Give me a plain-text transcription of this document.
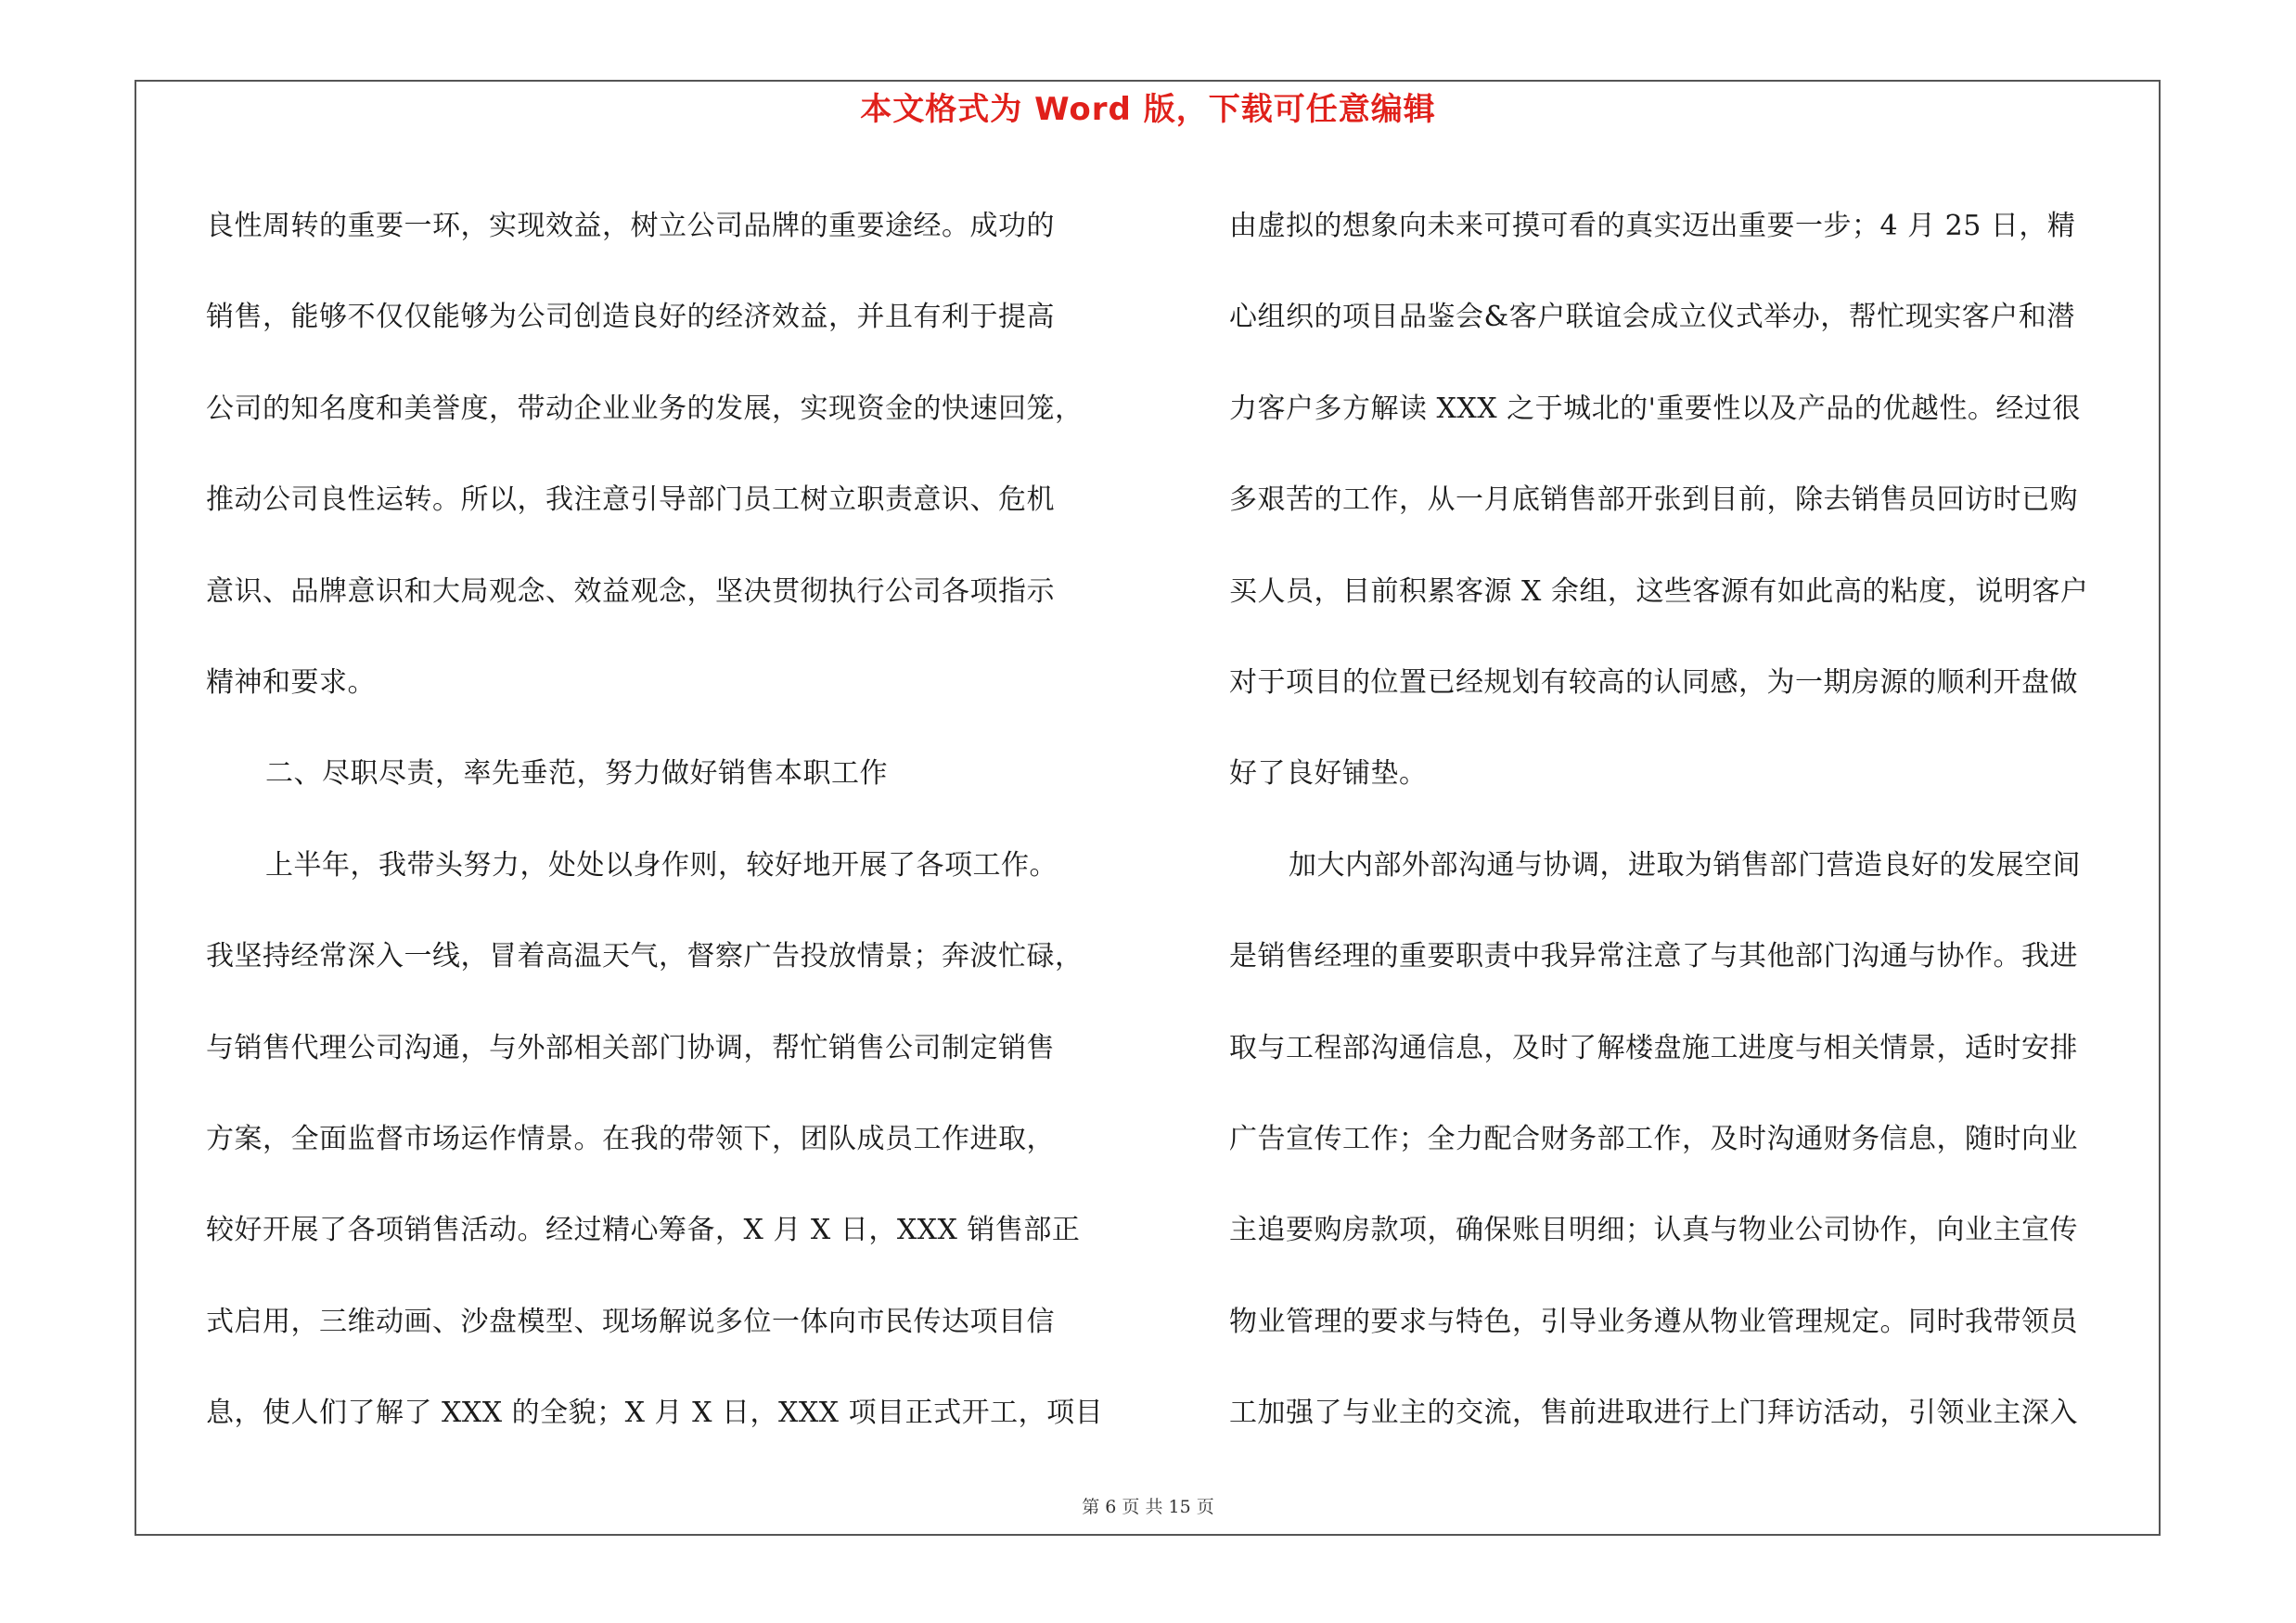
本文格式为 Word 版，下载可任意编辑
良性周转的重要一环，实现效益，树立公司品牌的重要途经。成功的
销售，能够不仅仅能够为公司创造良好的经济效益，并且有利于提高
公司的知名度和美誉度，带动企业业务的发展，实现资金的快速回笼，
推动公司良性运转。所以，我注意引导部门员工树立职责意识、危机
意识、品牌意识和大局观念、效益观念，坚决贯彻执行公司各项指示
精神和要求。
二、尽职尽责，率先垂范，努力做好销售本职工作
上半年，我带头努力，处处以身作则，较好地开展了各项工作。
我坚持经常深入一线，冒着高温天气，督察广告投放情景；奔波忙碌，
与销售代理公司沟通，与外部相关部门协调，帮忙销售公司制定销售
方案，全面监督市场运作情景。在我的带领下，团队成员工作进取，
较好开展了各项销售活动。经过精心筹备，X 月 X 日，XXX 销售部正
式启用，三维动画、沙盘模型、现场解说多位一体向市民传达项目信
息，使人们了解了 XXX 的全貌；X 月 X 日，XXX 项目正式开工，项目
由虚拟的想象向未来可摸可看的真实迈出重要一步；4 月 25 日，精
心组织的项目品鉴会&客户联谊会成立仪式举办，帮忙现实客户和潜
力客户多方解读 XXX 之于城北的'重要性以及产品的优越性。经过很
多艰苦的工作，从一月底销售部开张到目前，除去销售员回访时已购
买人员，目前积累客源 X 余组，这些客源有如此高的粘度，说明客户
对于项目的位置已经规划有较高的认同感，为一期房源的顺利开盘做
好了良好铺垫。
加大内部外部沟通与协调，进取为销售部门营造良好的发展空间
是销售经理的重要职责中我异常注意了与其他部门沟通与协作。我进
取与工程部沟通信息，及时了解楼盘施工进度与相关情景，适时安排
广告宣传工作；全力配合财务部工作，及时沟通财务信息，随时向业
主追要购房款项，确保账目明细；认真与物业公司协作，向业主宣传
物业管理的要求与特色，引导业务遵从物业管理规定。同时我带领员
工加强了与业主的交流，售前进取进行上门拜访活动，引领业主深入
第 6 页 共 15 页
